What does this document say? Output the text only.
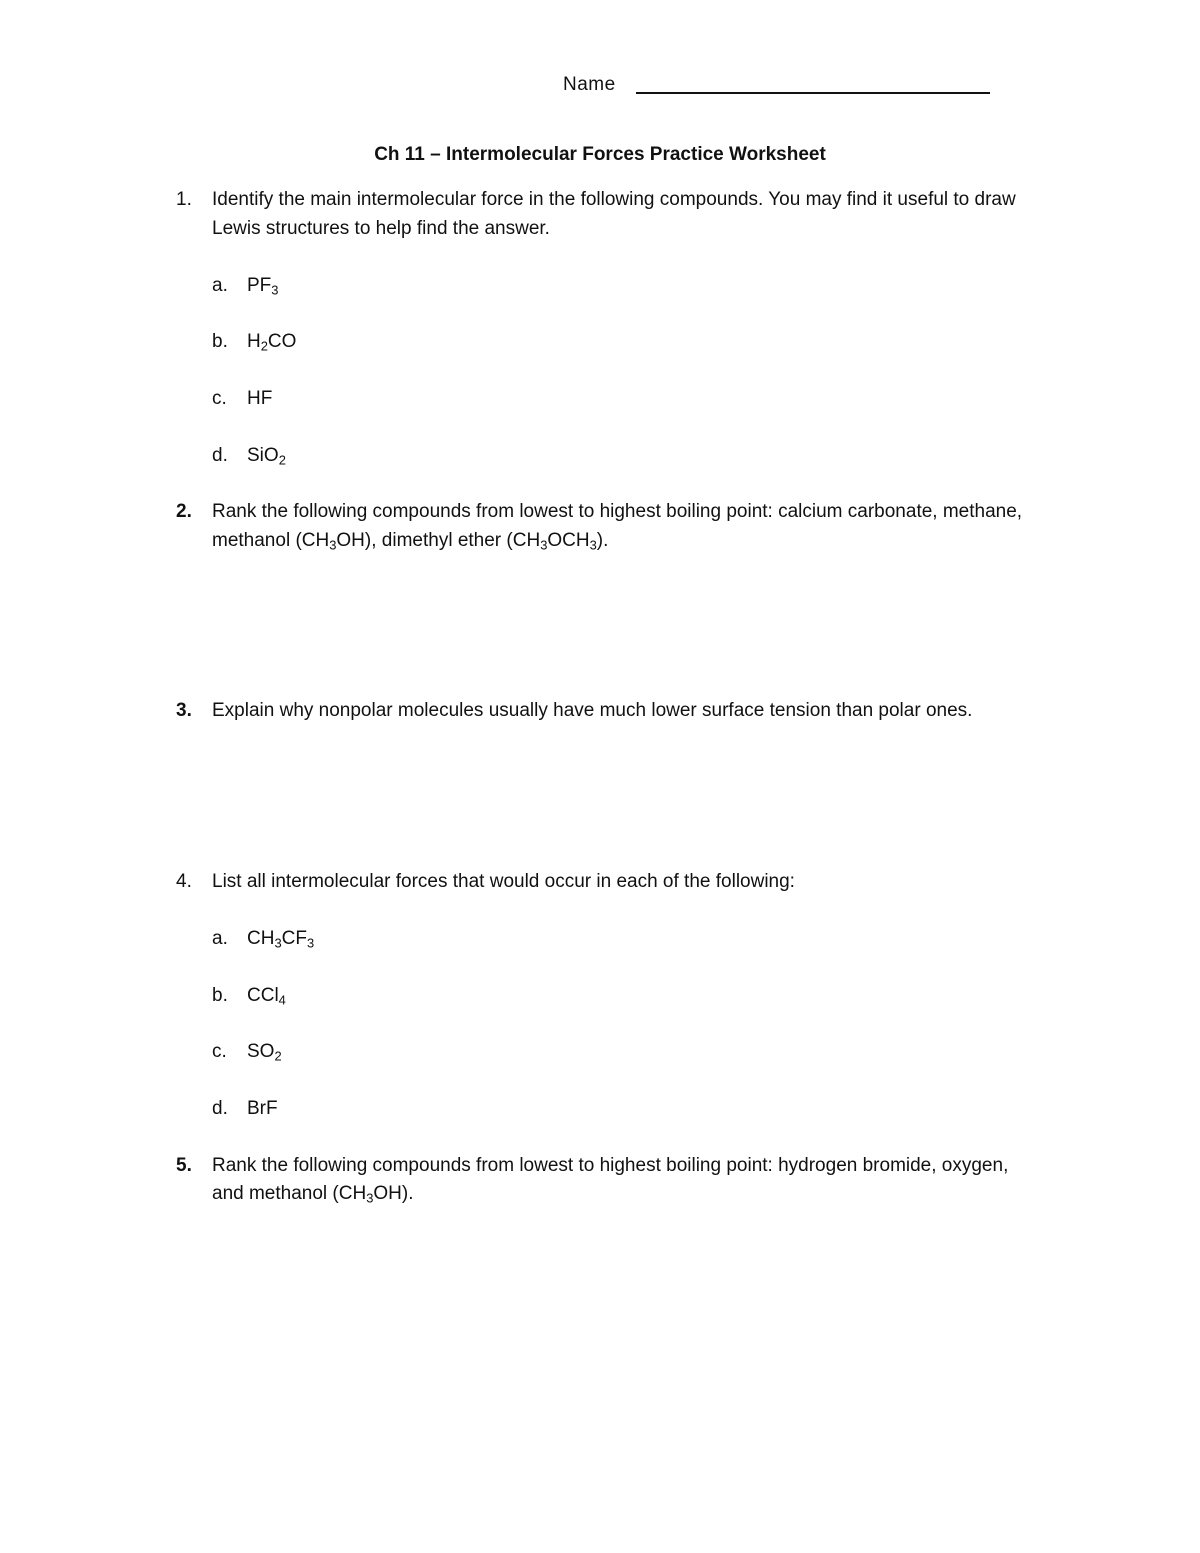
Name
Ch 11 – Intermolecular Forces Practice Worksheet
1. Identify the main intermolecular force in the following compounds. You may find it useful to draw
Lewis structures to help find the answer.
a. $PF_3$
b. $H_2CO$
c. HF
d. SiO$_2$
2. Rank the following compounds from lowest to highest boiling point: calcium carbonate, methane,
methanol $(CH_3OH)$, dimethyl ether $(CH_3OCH_3)$.
3. Explain why nonpolar molecules usually have much lower surface tension than polar ones.
4. List all intermolecular forces that would occur in each of the following:
a. $CH_3CF_3$
b. CCl$_4$
c. $SO_2$
d. BrF
5. Rank the following compounds from lowest to highest boiling point: hydrogen bromide, oxygen,
and methanol $(CH_3OH)$.
